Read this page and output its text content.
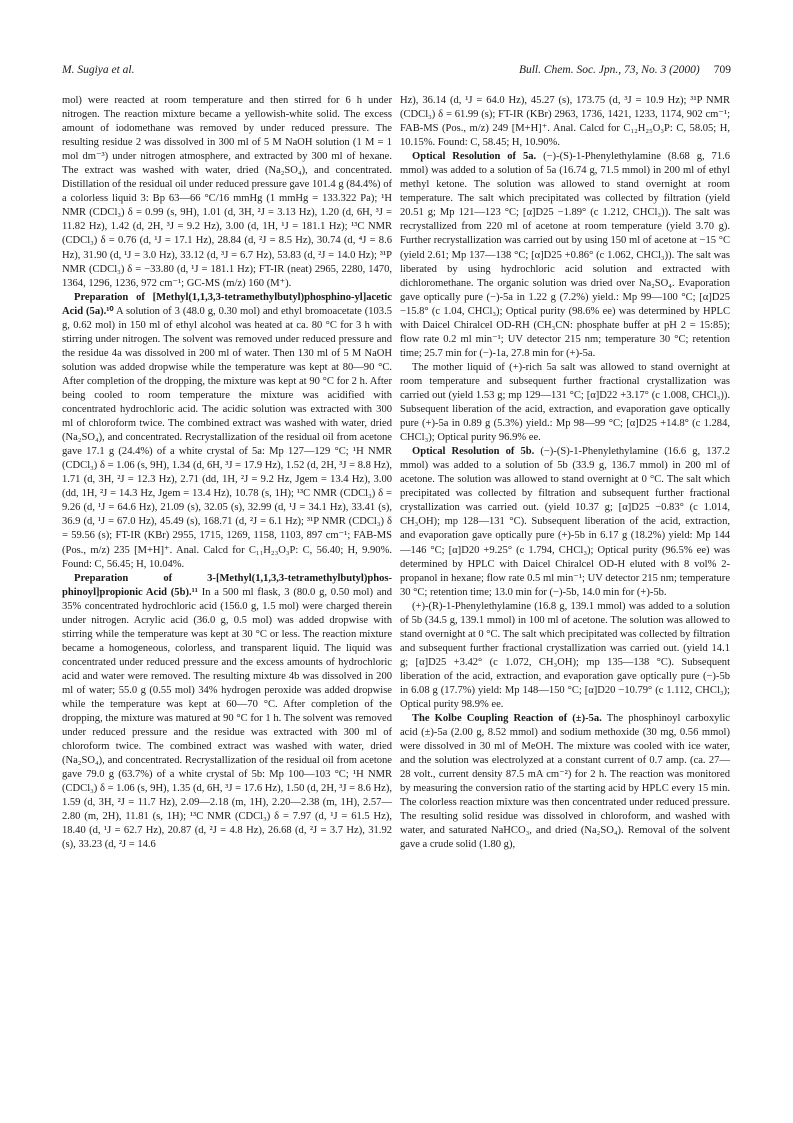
M. Sugiya et al.	Bull. Chem. Soc. Jpn., 73, No. 3 (2000) 709

mol) were reacted at room temperature and then stirred for 6 h under nitrogen. The reaction mixture became a yellowish-white solid. The excess amount of iodomethane was removed by under reduced pressure. The resulting residue 2 was dissolved in 300 ml of 5 M NaOH solution (1 M = 1 mol dm⁻³) under nitrogen atmosphere, and extracted by 300 ml of hexane. The extract was washed with water, dried (Na₂SO₄), and concentrated. Distillation of the residual oil under reduced pressure gave 101.4 g (84.4%) of a colorless liquid 3: Bp 63—66 °C/16 mmHg (1 mmHg = 133.322 Pa); ¹H NMR (CDCl₃) δ = 0.99 (s, 9H), 1.01 (d, 3H, ²J = 3.13 Hz), 1.20 (d, 6H, ³J = 11.82 Hz), 1.42 (d, 2H, ³J = 9.2 Hz), 3.00 (d, 1H, ¹J = 181.1 Hz); ¹³C NMR (CDCl₃) δ = 0.76 (d, ¹J = 17.1 Hz), 28.84 (d, ²J = 8.5 Hz), 30.74 (d, ⁴J = 8.6 Hz), 31.90 (d, ¹J = 3.0 Hz), 33.12 (d, ³J = 6.7 Hz), 53.83 (d, ²J = 14.0 Hz); ³¹P NMR (CDCl₃) δ = −33.80 (d, ¹J = 181.1 Hz); FT-IR (neat) 2965, 2280, 1470, 1364, 1296, 1236, 972 cm⁻¹; GC-MS (m/z) 160 (M⁺).

Preparation of [Methyl(1,1,3,3-tetramethylbutyl)phosphino-yl]acetic Acid (5a).¹⁰ A solution of 3 (48.0 g, 0.30 mol) and ethyl bromoacetate (103.5 g, 0.62 mol) in 150 ml of ethyl alcohol was heated at ca. 80 °C for 3 h with stirring under nitrogen. The solvent was removed under reduced pressure and the residue 4a was dissolved in 200 ml of water. Then 130 ml of 5 M NaOH solution was added dropwise while the temperature was kept at 80—90 °C. After completion of the dropping, the mixture was kept at 90 °C for 2 h. After being cooled to room temperature the mixture was acidified with concentrated hydrochloric acid. The acidic solution was extracted with 300 ml of chloroform twice. The combined extract was washed with water, dried (Na₂SO₄), and concentrated. Recrystallization of the residual oil from acetone gave 17.1 g (24.4%) of a white crystal of 5a: Mp 127—129 °C; ¹H NMR (CDCl₃) δ = 1.06 (s, 9H), 1.34 (d, 6H, ³J = 17.9 Hz), 1.52 (d, 2H, ³J = 8.8 Hz), 1.71 (d, 3H, ²J = 12.3 Hz), 2.71 (dd, 1H, ²J = 9.2 Hz, Jgem = 13.4 Hz), 3.00 (dd, 1H, ²J = 14.3 Hz, Jgem = 13.4 Hz), 10.78 (s, 1H); ¹³C NMR (CDCl₃) δ = 9.26 (d, ¹J = 64.6 Hz), 21.09 (s), 32.05 (s), 32.99 (d, ¹J = 34.1 Hz), 33.41 (s), 36.9 (d, ¹J = 67.0 Hz), 45.49 (s), 168.71 (d, ²J = 6.1 Hz); ³¹P NMR (CDCl₃) δ = 59.56 (s); FT-IR (KBr) 2955, 1715, 1269, 1158, 1103, 897 cm⁻¹; FAB-MS (Pos., m/z) 235 [M+H]⁺. Anal. Calcd for C₁₁H₂₃O₃P: C, 56.40; H, 9.90%. Found: C, 56.45; H, 10.04%.

Preparation of 3-[Methyl(1,1,3,3-tetramethylbutyl)phos-phinoyl]propionic Acid (5b).¹¹ In a 500 ml flask, 3 (80.0 g, 0.50 mol) and 35% concentrated hydrochloric acid (156.0 g, 1.5 mol) were charged therein under nitrogen. Acrylic acid (36.0 g, 0.5 mol) was added dropwise with stirring while the temperature was kept at 30 °C or less. The reaction mixture became a homogeneous, colorless, and transparent liquid. The liquid was concentrated under reduced pressure and the excess amounts of hydrochloric acid and water were removed. The resulting mixture 4b was dissolved in 200 ml of water; 55.0 g (0.55 mol) 34% hydrogen peroxide was added dropwise while the temperature was kept at 60—70 °C. After completion of the dropping, the mixture was matured at 90 °C for 1 h. The solvent was removed under reduced pressure and the residue was extracted with 300 ml of chloroform twice. The combined extract was washed with water, dried (Na₂SO₄), and concentrated. Recrystallization of the residual oil from acetone gave 79.0 g (63.7%) of a white crystal of 5b: Mp 100—103 °C; ¹H NMR (CDCl₃) δ = 1.06 (s, 9H), 1.35 (d, 6H, ³J = 17.6 Hz), 1.50 (d, 2H, ³J = 8.6 Hz), 1.59 (d, 3H, ²J = 11.7 Hz), 2.09—2.18 (m, 1H), 2.20—2.38 (m, 1H), 2.57—2.80 (m, 2H), 11.81 (s, 1H); ¹³C NMR (CDCl₃) δ = 7.97 (d, ¹J = 61.5 Hz), 18.40 (d, ¹J = 62.7 Hz), 20.87 (d, ²J = 4.8 Hz), 26.68 (d, ²J = 3.7 Hz), 31.92 (s), 33.23 (d, ²J = 14.6

Hz), 36.14 (d, ¹J = 64.0 Hz), 45.27 (s), 173.75 (d, ³J = 10.9 Hz); ³¹P NMR (CDCl₃) δ = 61.99 (s); FT-IR (KBr) 2963, 1736, 1421, 1233, 1174, 902 cm⁻¹; FAB-MS (Pos., m/z) 249 [M+H]⁺. Anal. Calcd for C₁₂H₂₅O₃P: C, 58.05; H, 10.15%. Found: C, 58.45; H, 10.90%.

Optical Resolution of 5a. (−)-(S)-1-Phenylethylamine (8.68 g, 71.6 mmol) was added to a solution of 5a (16.74 g, 71.5 mmol) in 200 ml of ethyl methyl ketone. The solution was allowed to stand overnight at room temperature. The salt which precipitated was collected by filtration (yield 20.51 g; Mp 121—123 °C; [α]D25 −1.89° (c 1.212, CHCl₃)). The salt was recrystallized from 220 ml of acetone at room temperature (yield 3.70 g). Further recrystallization was carried out by using 150 ml of acetone at −15 °C (yield 2.61; Mp 137—138 °C; [α]D25 +0.86° (c 1.062, CHCl₃)). The salt was liberated by using hydrochloric acid solution and extracted with dichloromethane. The organic solution was dried over Na₂SO₄. Evaporation gave optically pure (−)-5a in 1.22 g (7.2%) yield.: Mp 99—100 °C; [α]D25 −15.8° (c 1.04, CHCl₃); Optical purity (98.6% ee) was determined by HPLC with Daicel Chiralcel OD-RH (CH₃CN: phosphate buffer at pH 2 = 15:85); flow rate 0.2 ml min⁻¹; UV detector 215 nm; temperature 30 °C; retention time; 25.7 min for (−)-1a, 27.8 min for (+)-5a.

The mother liquid of (+)-rich 5a salt was allowed to stand overnight at room temperature and subsequent further fractional crystallization was carried out (yield 1.53 g; mp 129—131 °C; [α]D22 +3.17° (c 1.008, CHCl₃)). Subsequent liberation of the acid, extraction, and evaporation gave optically pure (+)-5a in 0.89 g (5.3%) yield.: Mp 98—99 °C; [α]D25 +14.8° (c 1.284, CHCl₃); Optical purity 96.9% ee.

Optical Resolution of 5b. (−)-(S)-1-Phenylethylamine (16.6 g, 137.2 mmol) was added to a solution of 5b (33.9 g, 136.7 mmol) in 200 ml of acetone. The solution was allowed to stand overnight at 0 °C. The salt which precipitated was collected by filtration and subsequent further fractional crystallization was carried out. (yield 10.37 g; [α]D25 −0.83° (c 1.014, CH₃OH); mp 128—131 °C). Subsequent liberation of the acid, extraction, and evaporation gave optically pure (+)-5b in 6.17 g (18.2%) yield: Mp 144—146 °C; [α]D20 +9.25° (c 1.794, CHCl₃); Optical purity (96.5% ee) was determined by HPLC with Daicel Chiralcel OD-H eluted with 8 vol% 2-propanol in hexane; flow rate 0.5 ml min⁻¹; UV detector 215 nm; temperature 30 °C; retention time; 13.0 min for (−)-5b, 14.0 min for (+)-5b.

(+)-(R)-1-Phenylethylamine (16.8 g, 139.1 mmol) was added to a solution of 5b (34.5 g, 139.1 mmol) in 100 ml of acetone. The solution was allowed to stand overnight at 0 °C. The salt which precipitated was collected by filtration and subsequent further fractional crystallization was carried out. (yield 14.1 g; [α]D25 +3.42° (c 1.072, CH₃OH); mp 135—138 °C). Subsequent liberation of the acid, extraction, and evaporation gave optically pure (−)-5b in 6.08 g (17.7%) yield: Mp 148—150 °C; [α]D20 −10.79° (c 1.112, CHCl₃); Optical purity 98.9% ee.

The Kolbe Coupling Reaction of (±)-5a. The phosphinoyl carboxylic acid (±)-5a (2.00 g, 8.52 mmol) and sodium methoxide (30 mg, 0.56 mmol) were dissolved in 30 ml of MeOH. The mixture was cooled with ice water, and the solution was electrolyzed at a constant current of 0.7 amp. (ca. 27—28 volt., current density 87.5 mA cm⁻²) for 2 h. The reaction was monitored by measuring the conversion ratio of the starting acid by HPLC every 15 min. The colorless reaction mixture was then concentrated under reduced pressure. The resulting solid residue was dissolved in chloroform, and washed with water, and saturated NaHCO₃, and dried (Na₂SO₄). Removal of the solvent gave a crude solid (1.80 g),
